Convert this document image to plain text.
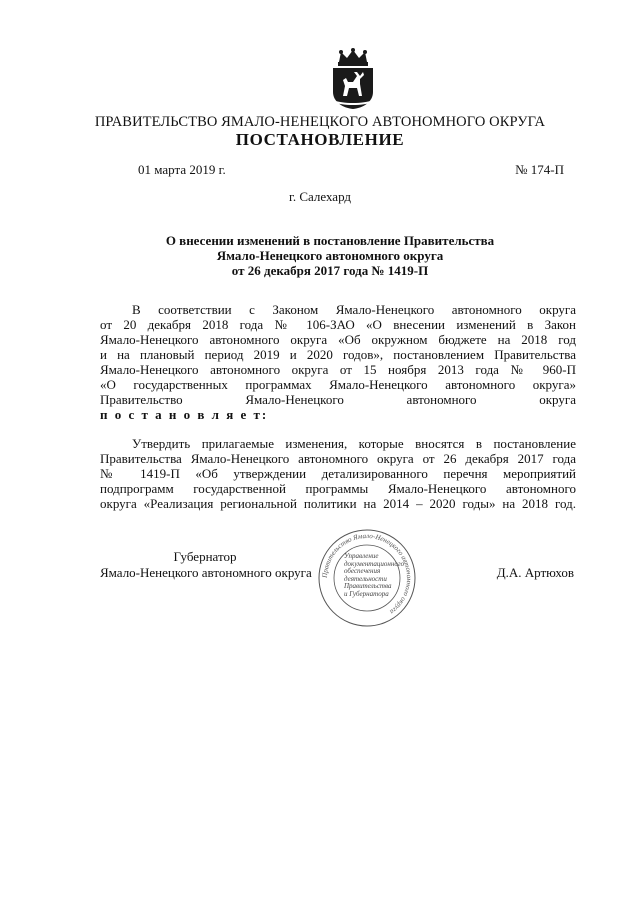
ПРАВИТЕЛЬСТВО ЯМАЛО-НЕНЕЦКОГО АВТОНОМНОГО ОКРУГА
ПОСТАНОВЛЕНИЕ
01 марта 2019 г.	№ 174-П
г. Салехард
О внесении изменений в постановление Правительства
Ямало-Ненецкого автономного округа
от 26 декабря 2017 года № 1419-П
В соответствии с Законом Ямало-Ненецкого автономного округа
от 20 декабря 2018 года № 106-ЗАО «О внесении изменений в Закон
Ямало-Ненецкого автономного округа «Об окружном бюджете на 2018 год
и на плановый период 2019 и 2020 годов», постановлением Правительства
Ямало-Ненецкого автономного округа от 15 ноября 2013 года № 960-П
«О государственных программах Ямало-Ненецкого автономного округа»
Правительство Ямало-Ненецкого автономного округа
п о с т а н о в л я е т:
Утвердить прилагаемые изменения, которые вносятся в постановление
Правительства Ямало-Ненецкого автономного округа от 26 декабря 2017 года
№ 1419-П «Об утверждении детализированного перечня мероприятий
подпрограмм государственной программы Ямало-Ненецкого автономного
округа «Реализация региональной политики на 2014 – 2020 годы» на 2018 год.
Губернатор
Ямало-Ненецкого автономного округа	Д.А. Артюхов
Правительство Ямало-Ненецкого автономного округа
Управление
документационного
обеспечения
деятельности
Правительства
и Губернатора
